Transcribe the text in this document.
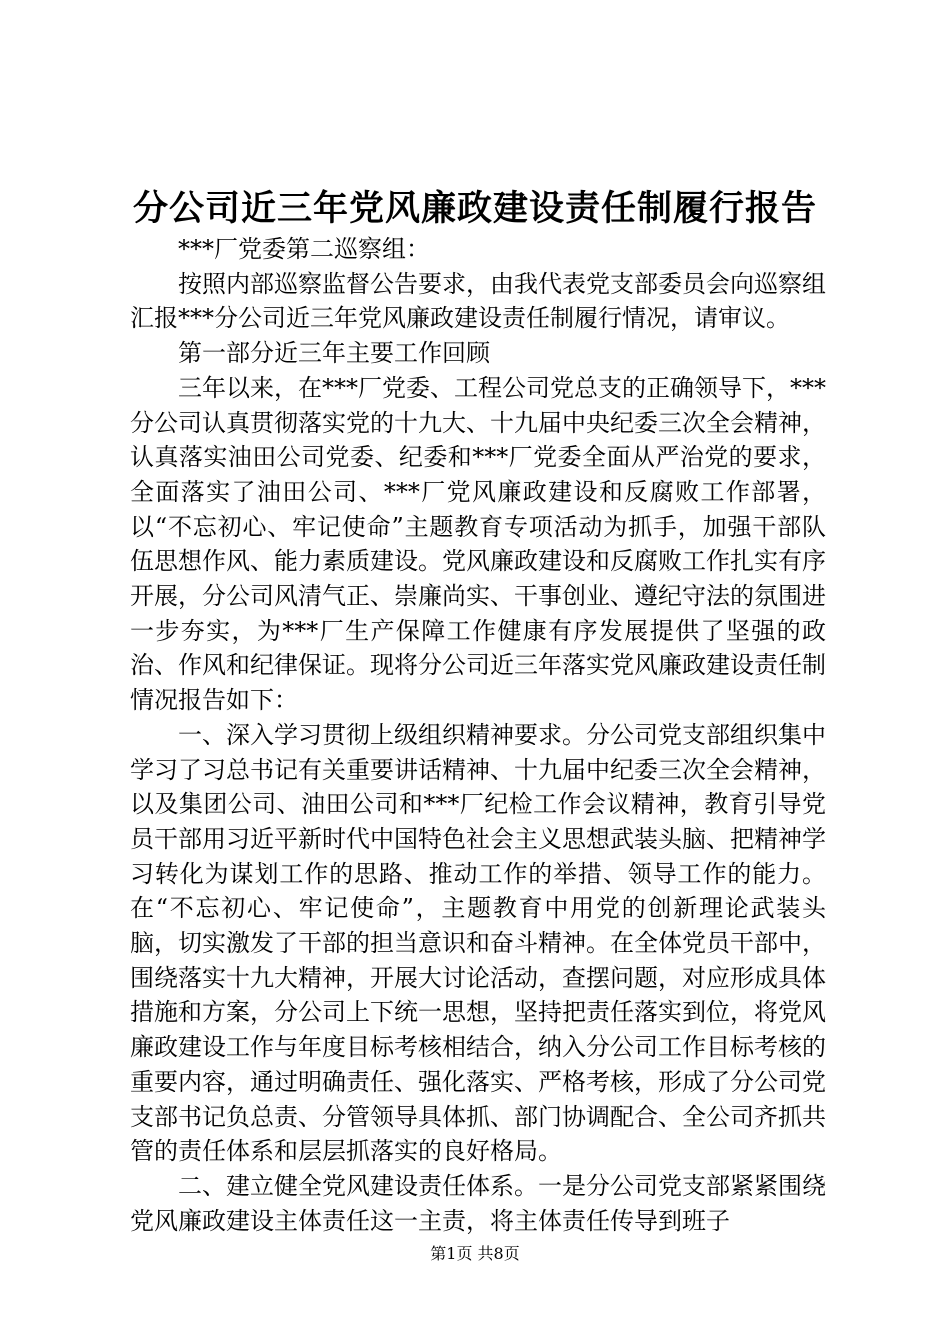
分公司近三年党风廉政建设责任制履行报告

***厂党委第二巡察组：

按照内部巡察监督公告要求，由我代表党支部委员会向巡察组汇报***分公司近三年党风廉政建设责任制履行情况，请审议。

第一部分近三年主要工作回顾

三年以来，在***厂党委、工程公司党总支的正确领导下，***分公司认真贯彻落实党的十九大、十九届中央纪委三次全会精神，认真落实油田公司党委、纪委和***厂党委全面从严治党的要求，全面落实了油田公司、***厂党风廉政建设和反腐败工作部署，以“不忘初心、牢记使命”主题教育专项活动为抓手，加强干部队伍思想作风、能力素质建设。党风廉政建设和反腐败工作扎实有序开展，分公司风清气正、崇廉尚实、干事创业、遵纪守法的氛围进一步夯实，为***厂生产保障工作健康有序发展提供了坚强的政治、作风和纪律保证。现将分公司近三年落实党风廉政建设责任制情况报告如下：

一、深入学习贯彻上级组织精神要求。分公司党支部组织集中学习了习总书记有关重要讲话精神、十九届中纪委三次全会精神，以及集团公司、油田公司和***厂纪检工作会议精神，教育引导党员干部用习近平新时代中国特色社会主义思想武装头脑、把精神学习转化为谋划工作的思路、推动工作的举措、领导工作的能力。在“不忘初心、牢记使命”，主题教育中用党的创新理论武装头脑，切实激发了干部的担当意识和奋斗精神。在全体党员干部中，围绕落实十九大精神，开展大讨论活动，查摆问题，对应形成具体措施和方案，分公司上下统一思想，坚持把责任落实到位，将党风廉政建设工作与年度目标考核相结合，纳入分公司工作目标考核的重要内容，通过明确责任、强化落实、严格考核，形成了分公司党支部书记负总责、分管领导具体抓、部门协调配合、全公司齐抓共管的责任体系和层层抓落实的良好格局。

二、建立健全党风建设责任体系。一是分公司党支部紧紧围绕党风廉政建设主体责任这一主责，将主体责任传导到班子

第1页 共8页
